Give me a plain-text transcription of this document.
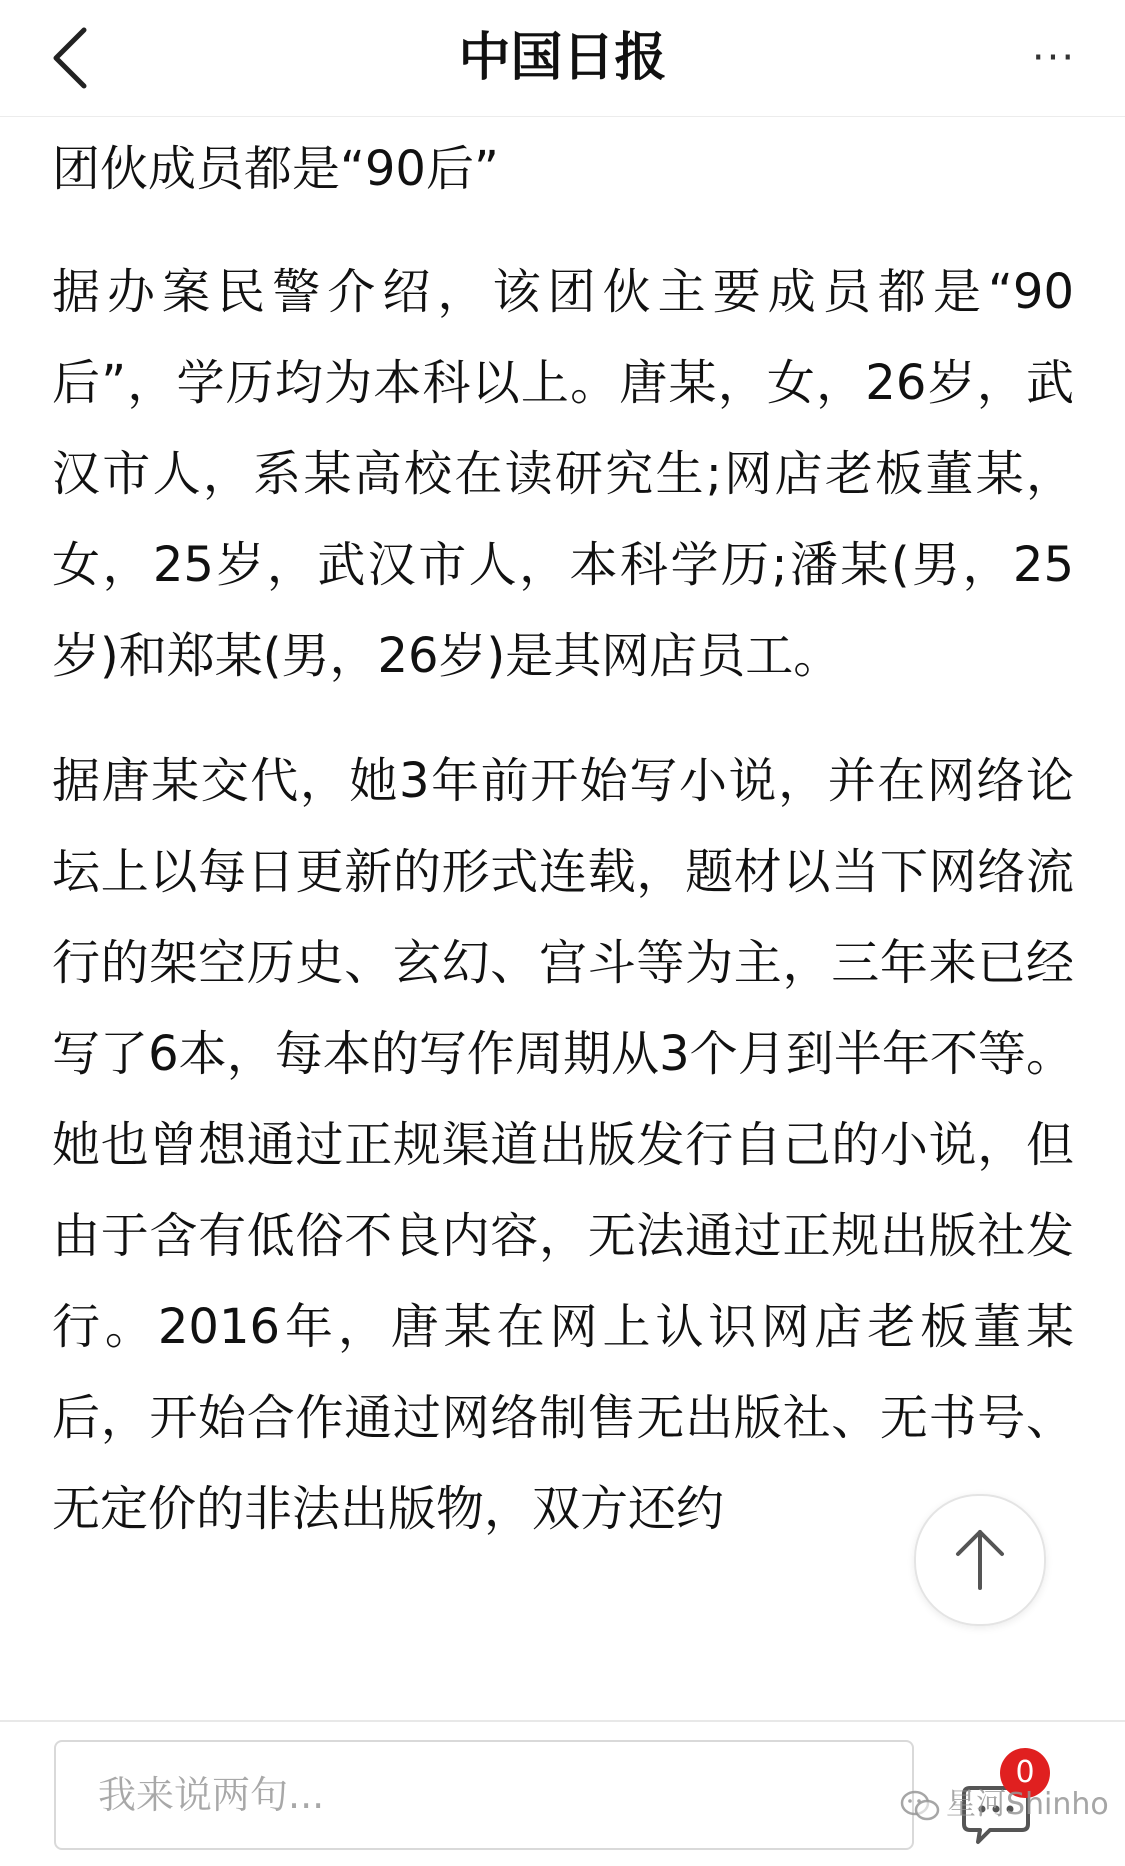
中国日报	···

团伙成员都是“90后”

据办案民警介绍，该团伙主要成员都是“90后”，学历均为本科以上。唐某，女，26岁，武汉市人，系某高校在读研究生;网店老板董某，女，25岁，武汉市人，本科学历;潘某(男，25岁)和郑某(男，26岁)是其网店员工。

据唐某交代，她3年前开始写小说，并在网络论坛上以每日更新的形式连载，题材以当下网络流行的架空历史、玄幻、宫斗等为主，三年来已经写了6本，每本的写作周期从3个月到半年不等。她也曾想通过正规渠道出版发行自己的小说，但由于含有低俗不良内容，无法通过正规出版社发行。2016年，唐某在网上认识网店老板董某后，开始合作通过网络制售无出版社、无书号、无定价的非法出版物，双方还约

我来说两句...
0
星河Shinho
